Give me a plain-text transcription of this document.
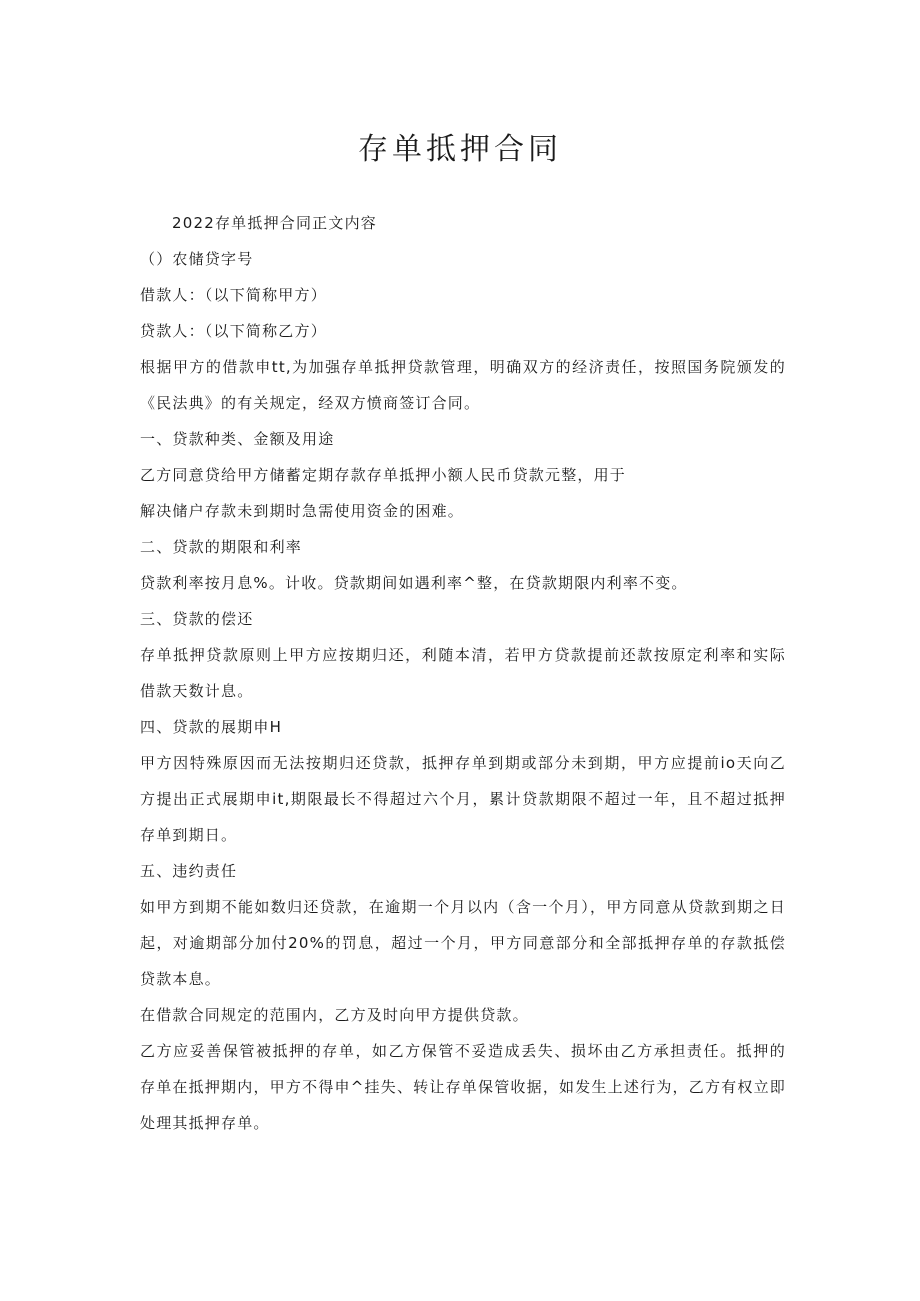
存单抵押合同

2022存单抵押合同正文内容

（）农储贷字号

借款人：（以下简称甲方）

贷款人：（以下简称乙方）

根据甲方的借款申tt,为加强存单抵押贷款管理，明确双方的经济责任，按照国务院颁发的《民法典》的有关规定，经双方愤商签订合同。

一、贷款种类、金额及用途

乙方同意贷给甲方储蓄定期存款存单抵押小额人民币贷款元整，用于

解决储户存款未到期时急需使用资金的困难。

二、贷款的期限和利率

贷款利率按月息%。计收。贷款期间如遇利率^整，在贷款期限内利率不变。

三、贷款的偿还

存单抵押贷款原则上甲方应按期归还，利随本清，若甲方贷款提前还款按原定利率和实际借款天数计息。

四、贷款的展期申H

甲方因特殊原因而无法按期归还贷款，抵押存单到期或部分未到期，甲方应提前io天向乙方提出正式展期申it,期限最长不得超过六个月，累计贷款期限不超过一年，且不超过抵押存单到期日。

五、违约责任

如甲方到期不能如数归还贷款，在逾期一个月以内（含一个月），甲方同意从贷款到期之日起，对逾期部分加付20%的罚息，超过一个月，甲方同意部分和全部抵押存单的存款抵偿贷款本息。

在借款合同规定的范围内，乙方及时向甲方提供贷款。

乙方应妥善保管被抵押的存单，如乙方保管不妥造成丢失、损坏由乙方承担责任。抵押的存单在抵押期内，甲方不得申^挂失、转让存单保管收据，如发生上述行为，乙方有权立即处理其抵押存单。
